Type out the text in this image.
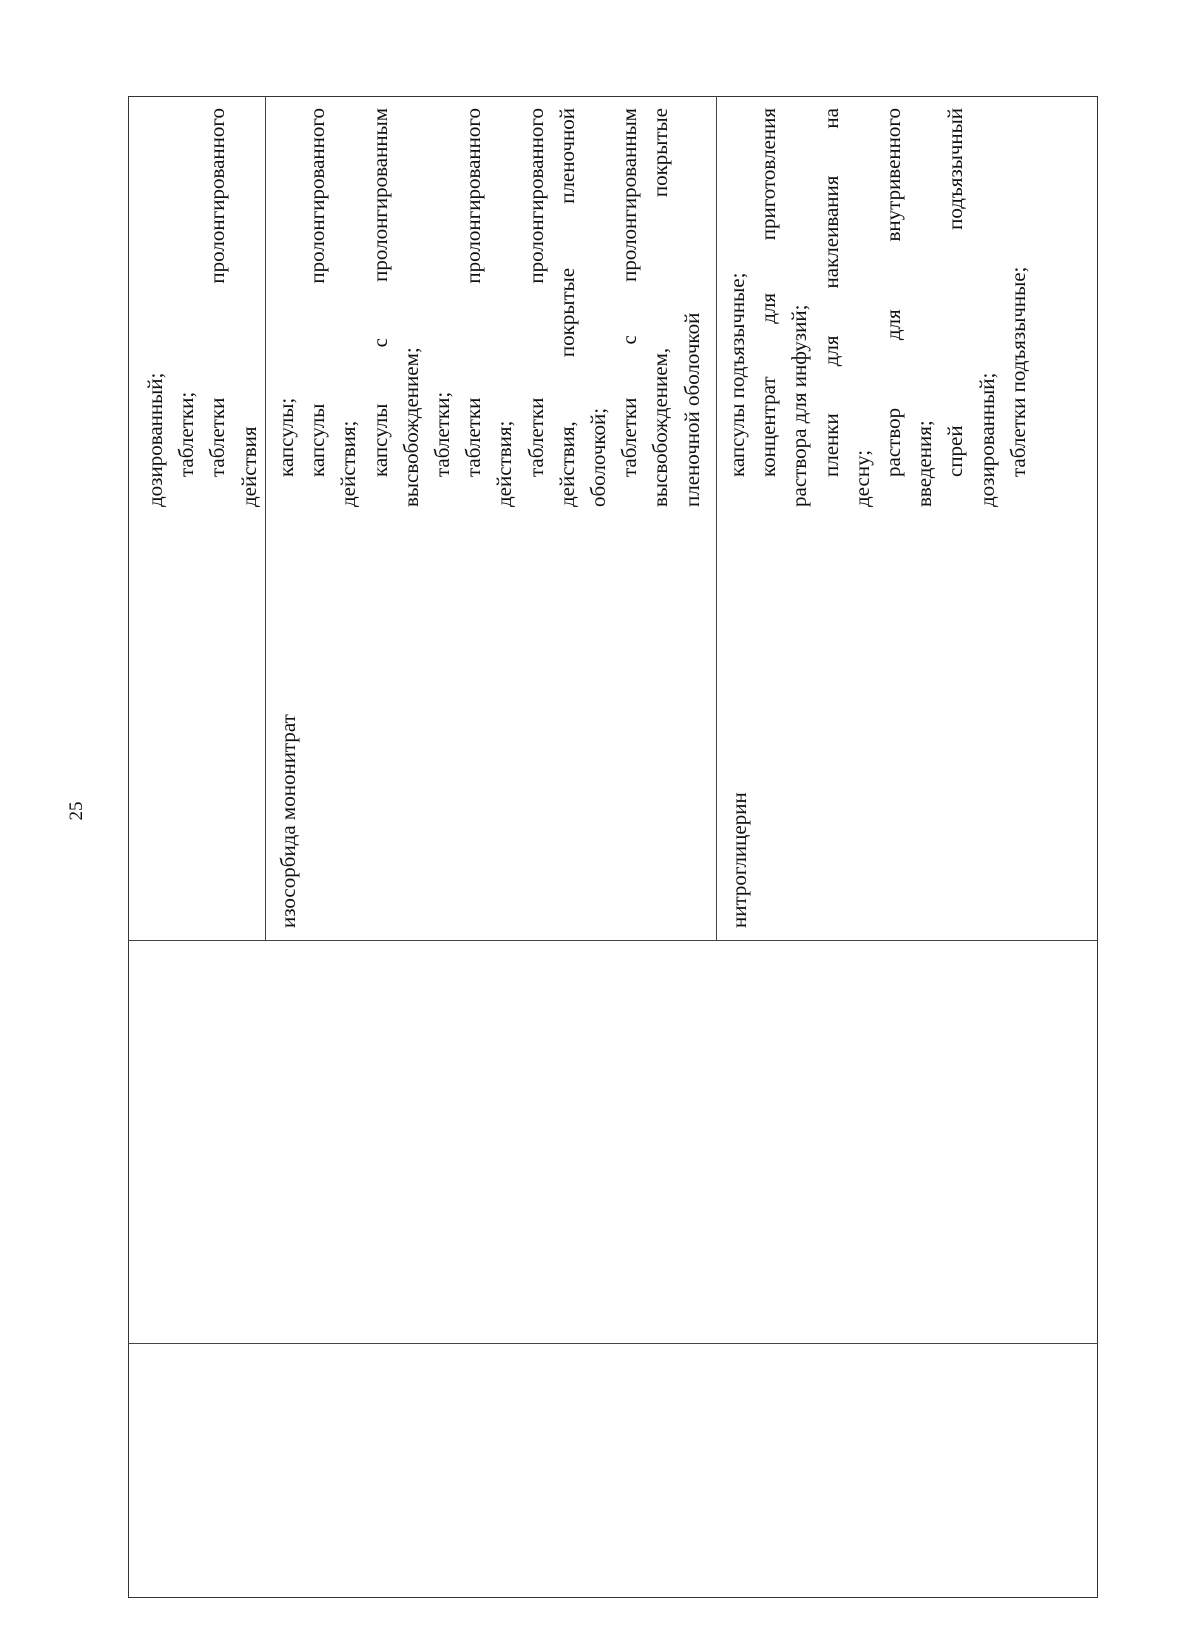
25

дозированный; таблетки; таблетки
пролонгированного

действия капсулы; капсулы
пролонгированного

действия; капсулы
с
пролонгированным

высвобождением; таблетки; таблетки
пролонгированного

действия; таблетки
пролонгированного

действия,
покрытые
пленочной

оболочкой; таблетки
с
пролонгированным

высвобождением,
покрытые

пленочной оболочкой

изосорбида мононитрат

капсулы подъязычные; концентрат
для
приготовления

раствора для инфузий; пленки
для
наклеивания
на

десну;

раствор
для
внутривенного

введения; спрей
подъязычный

дозированный; таблетки подъязычные;

нитроглицерин
